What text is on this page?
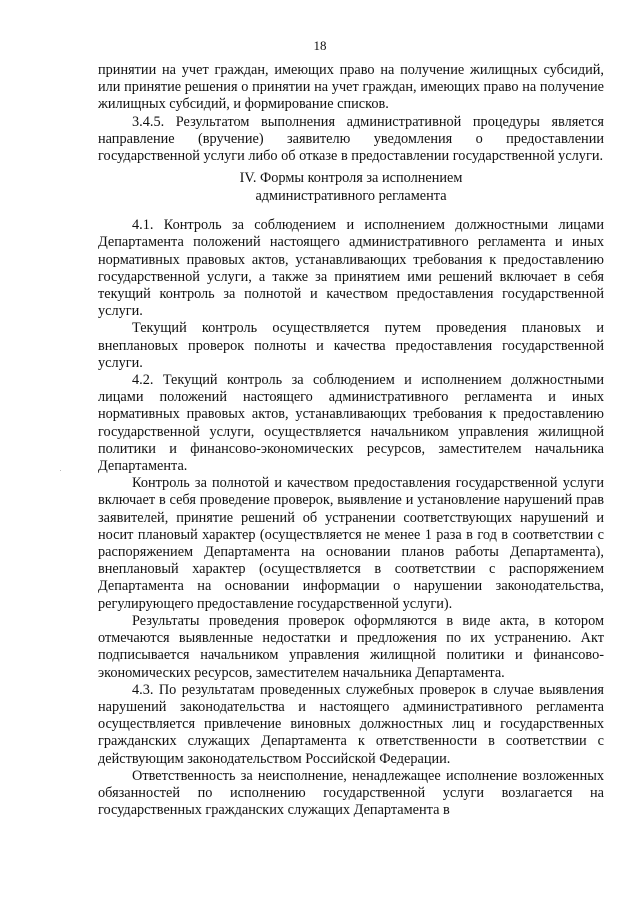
18

принятии на учет граждан, имеющих право на получение жилищных субсидий, или принятие решения о принятии на учет граждан, имеющих право на получение жилищных субсидий, и формирование списков.

3.4.5. Результатом выполнения административной процедуры является направление (вручение) заявителю уведомления о предоставлении государственной услуги либо об отказе в предоставлении государственной услуги.

IV. Формы контроля за исполнением
административного регламента

4.1. Контроль за соблюдением и исполнением должностными лицами Департамента положений настоящего административного регламента и иных нормативных правовых актов, устанавливающих требования к предоставлению государственной услуги, а также за принятием ими решений включает в себя текущий контроль за полнотой и качеством предоставления государственной услуги.

Текущий контроль осуществляется путем проведения плановых и внеплановых проверок полноты и качества предоставления государственной услуги.

4.2. Текущий контроль за соблюдением и исполнением должностными лицами положений настоящего административного регламента и иных нормативных правовых актов, устанавливающих требования к предоставлению государственной услуги, осуществляется начальником управления жилищной политики и финансово-экономических ресурсов, заместителем начальника Департамента.

Контроль за полнотой и качеством предоставления государственной услуги включает в себя проведение проверок, выявление и установление нарушений прав заявителей, принятие решений об устранении соответствующих нарушений и носит плановый характер (осуществляется не менее 1 раза в год в соответствии с распоряжением Департамента на основании планов работы Департамента), внеплановый характер (осуществляется в соответствии с распоряжением Департамента на основании информации о нарушении законодательства, регулирующего предоставление государственной услуги).

Результаты проведения проверок оформляются в виде акта, в котором отмечаются выявленные недостатки и предложения по их устранению. Акт подписывается начальником управления жилищной политики и финансово-экономических ресурсов, заместителем начальника Департамента.

4.3. По результатам проведенных служебных проверок в случае выявления нарушений законодательства и настоящего административного регламента осуществляется привлечение виновных должностных лиц и государственных гражданских служащих Департамента к ответственности в соответствии с действующим законодательством Российской Федерации.

Ответственность за неисполнение, ненадлежащее исполнение возложенных обязанностей по исполнению государственной услуги возлагается на государственных гражданских служащих Департамента в
